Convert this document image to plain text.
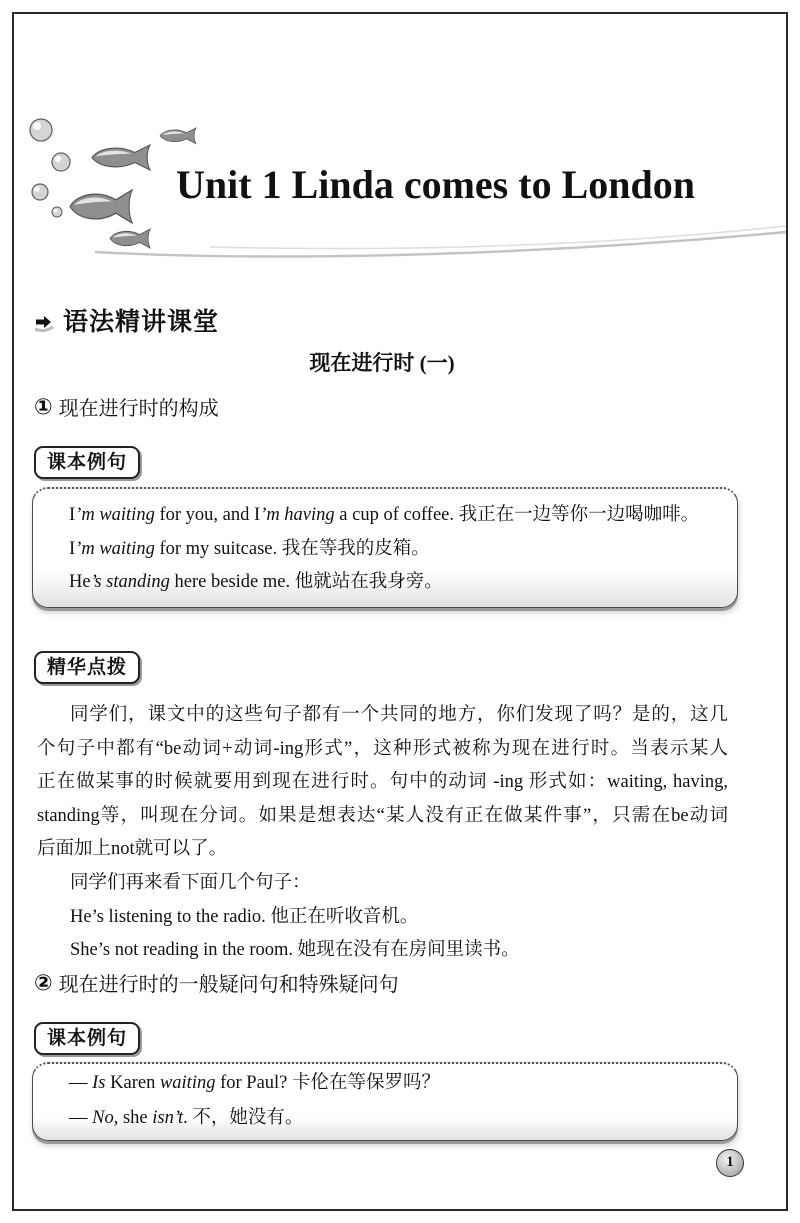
Unit 1 Linda comes to London
语法精讲课堂
现在进行时 (一)
① 现在进行时的构成
课本例句
I’m waiting for you, and I’m having a cup of coffee. 我正在一边等你一边喝咖啡。
I’m waiting for my suitcase. 我在等我的皮箱。
He’s standing here beside me. 他就站在我身旁。
精华点拨
同学们，课文中的这些句子都有一个共同的地方，你们发现了吗？是的，这几
个句子中都有“be动词+动词-ing形式”，这种形式被称为现在进行时。当表示某人
正在做某事的时候就要用到现在进行时。句中的动词 -ing 形式如：waiting, having,
standing等，叫现在分词。如果是想表达“某人没有正在做某件事”，只需在be动词
后面加上not就可以了。
同学们再来看下面几个句子：
He’s listening to the radio. 他正在听收音机。
She’s not reading in the room. 她现在没有在房间里读书。
② 现在进行时的一般疑问句和特殊疑问句
课本例句
— Is Karen waiting for Paul? 卡伦在等保罗吗？
— No, she isn’t. 不，她没有。
1
